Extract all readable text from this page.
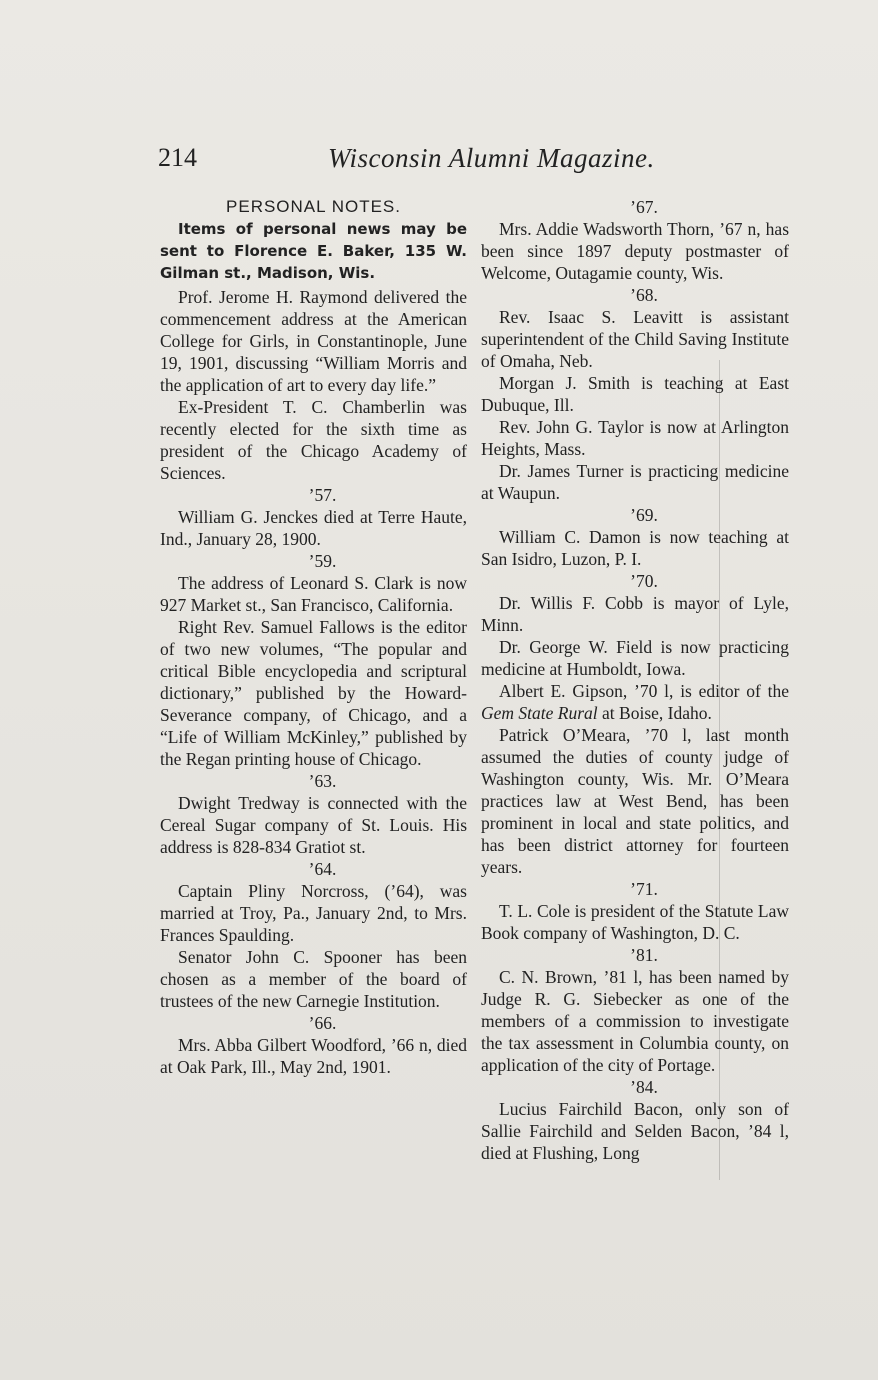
214	Wisconsin Alumni Magazine.

PERSONAL NOTES.

Items of personal news may be sent to Florence E. Baker, 135 W. Gilman st., Madison, Wis.

Prof. Jerome H. Raymond delivered the commencement address at the American College for Girls, in Constantinople, June 19, 1901, discussing “William Morris and the application of art to every day life.”

Ex-President T. C. Chamberlin was recently elected for the sixth time as president of the Chicago Academy of Sciences.

’57.

William G. Jenckes died at Terre Haute, Ind., January 28, 1900.

’59.

The address of Leonard S. Clark is now 927 Market st., San Francisco, California.

Right Rev. Samuel Fallows is the editor of two new volumes, “The popular and critical Bible encyclopedia and scriptural dictionary,” published by the Howard-Severance company, of Chicago, and a “Life of William McKinley,” published by the Regan printing house of Chicago.

’63.

Dwight Tredway is connected with the Cereal Sugar company of St. Louis. His address is 828-834 Gratiot st.

’64.

Captain Pliny Norcross, (’64), was married at Troy, Pa., January 2nd, to Mrs. Frances Spaulding.

Senator John C. Spooner has been chosen as a member of the board of trustees of the new Carnegie Institution.

’66.

Mrs. Abba Gilbert Woodford, ’66 n, died at Oak Park, Ill., May 2nd, 1901.

’67.

Mrs. Addie Wadsworth Thorn, ’67 n, has been since 1897 deputy postmaster of Welcome, Outagamie county, Wis.

’68.

Rev. Isaac S. Leavitt is assistant superintendent of the Child Saving Institute of Omaha, Neb.

Morgan J. Smith is teaching at East Dubuque, Ill.

Rev. John G. Taylor is now at Arlington Heights, Mass.

Dr. James Turner is practicing medicine at Waupun.

’69.

William C. Damon is now teaching at San Isidro, Luzon, P. I.

’70.

Dr. Willis F. Cobb is mayor of Lyle, Minn.

Dr. George W. Field is now practicing medicine at Humboldt, Iowa.

Albert E. Gipson, ’70 l, is editor of the Gem State Rural at Boise, Idaho.

Patrick O’Meara, ’70 l, last month assumed the duties of county judge of Washington county, Wis. Mr. O’Meara practices law at West Bend, has been prominent in local and state politics, and has been district attorney for fourteen years.

’71.

T. L. Cole is president of the Statute Law Book company of Washington, D. C.

’81.

C. N. Brown, ’81 l, has been named by Judge R. G. Siebecker as one of the members of a commission to investigate the tax assessment in Columbia county, on application of the city of Portage.

’84.

Lucius Fairchild Bacon, only son of Sallie Fairchild and Selden Bacon, ’84 l, died at Flushing, Long
